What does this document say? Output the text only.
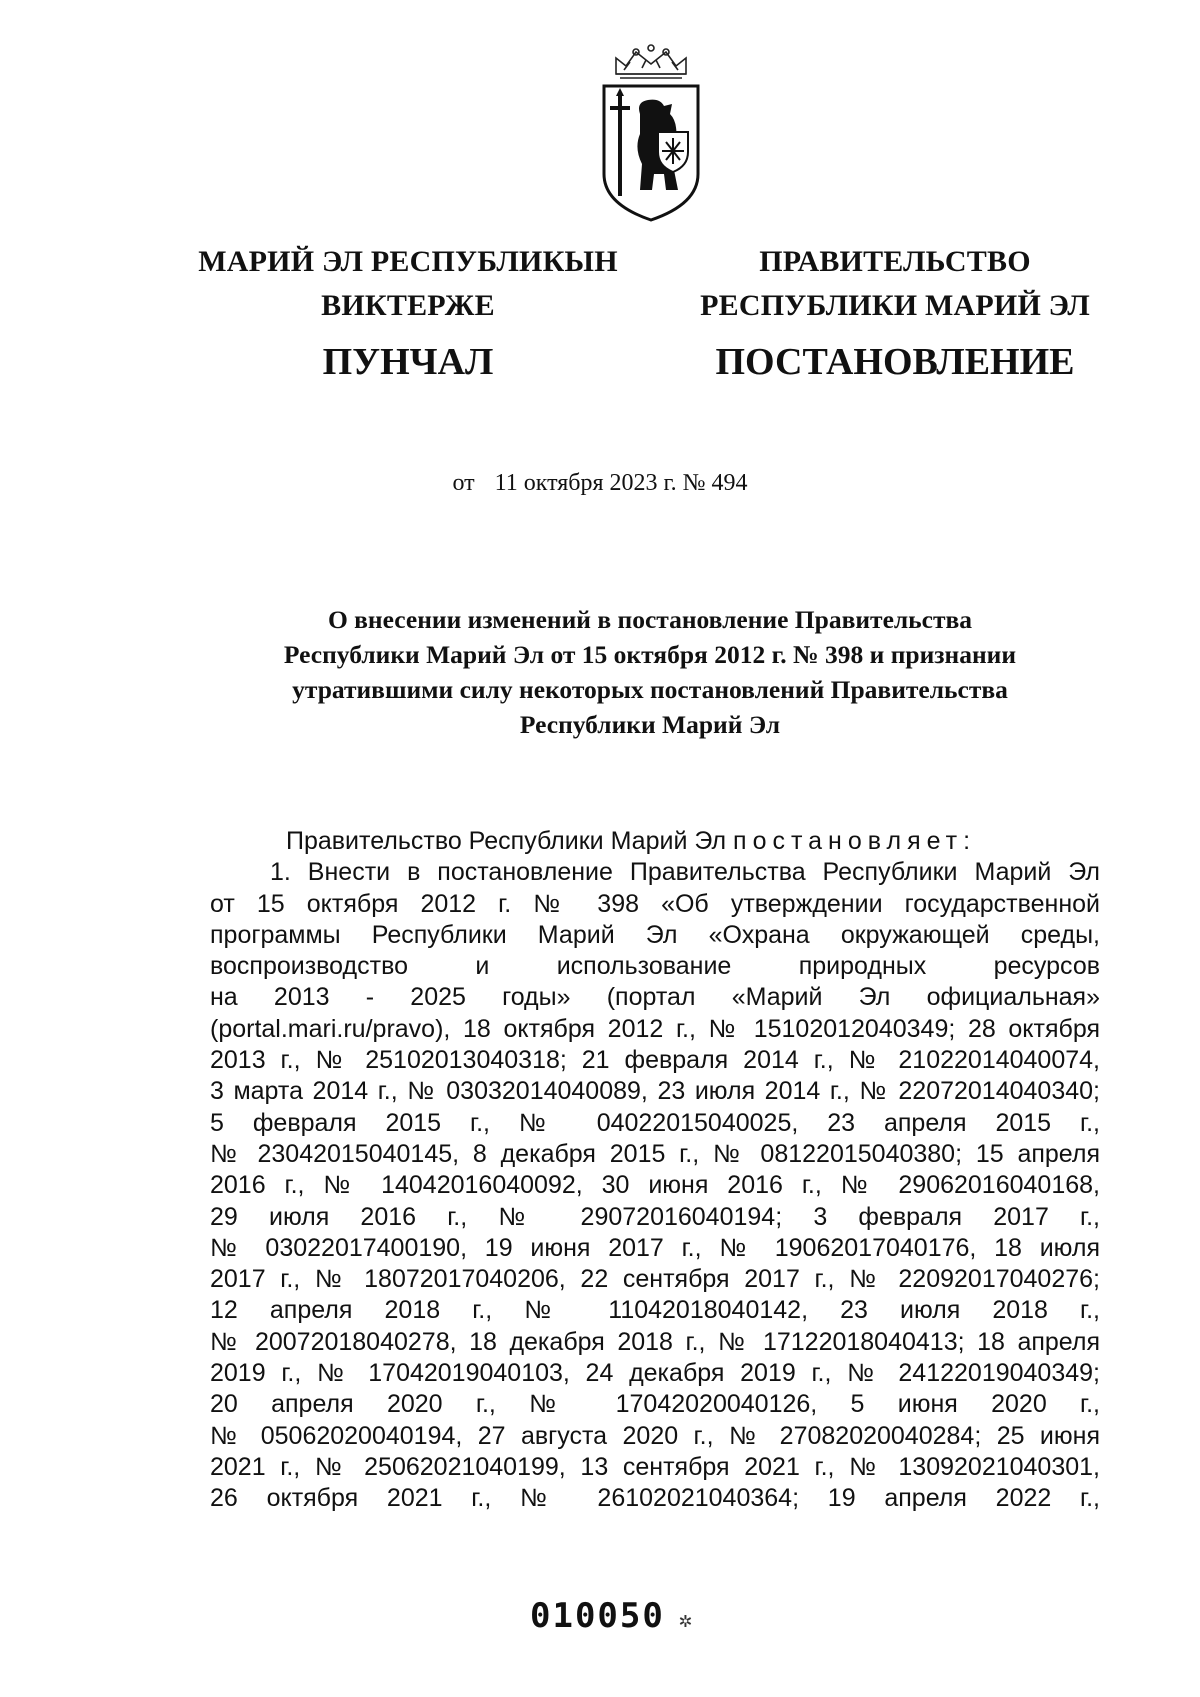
МАРИЙ ЭЛ РЕСПУБЛИКЫН
ВИКТЕРЖЕ
ПУНЧАЛ
ПРАВИТЕЛЬСТВО
РЕСПУБЛИКИ МАРИЙ ЭЛ
ПОСТАНОВЛЕНИЕ
от 11 октября 2023 г. № 494
О внесении изменений в постановление Правительства
Республики Марий Эл от 15 октября 2012 г. № 398 и признании
утратившими силу некоторых постановлений Правительства
Республики Марий Эл
Правительство Республики Марий Эл постановляет:
1. Внести в постановление Правительства Республики Марий Эл
от 15 октября 2012 г. № 398 «Об утверждении государственной
программы Республики Марий Эл «Охрана окружающей среды,
воспроизводство и использование природных ресурсов
на 2013 - 2025 годы» (портал «Марий Эл официальная»
(portal.mari.ru/pravo), 18 октября 2012 г., № 15102012040349; 28 октября
2013 г., № 25102013040318; 21 февраля 2014 г., № 21022014040074,
3 марта 2014 г., № 03032014040089, 23 июля 2014 г., № 22072014040340;
5 февраля 2015 г., № 04022015040025, 23 апреля 2015 г.,
№ 23042015040145, 8 декабря 2015 г., № 08122015040380; 15 апреля
2016 г., № 14042016040092, 30 июня 2016 г., № 29062016040168,
29 июля 2016 г., № 29072016040194; 3 февраля 2017 г.,
№ 03022017400190, 19 июня 2017 г., № 19062017040176, 18 июля
2017 г., № 18072017040206, 22 сентября 2017 г., № 22092017040276;
12 апреля 2018 г., № 11042018040142, 23 июля 2018 г.,
№ 20072018040278, 18 декабря 2018 г., № 17122018040413; 18 апреля
2019 г., № 17042019040103, 24 декабря 2019 г., № 24122019040349;
20 апреля 2020 г., № 17042020040126, 5 июня 2020 г.,
№ 05062020040194, 27 августа 2020 г., № 27082020040284; 25 июня
2021 г., № 25062021040199, 13 сентября 2021 г., № 13092021040301,
26 октября 2021 г., № 26102021040364; 19 апреля 2022 г.,
010050 ✲
